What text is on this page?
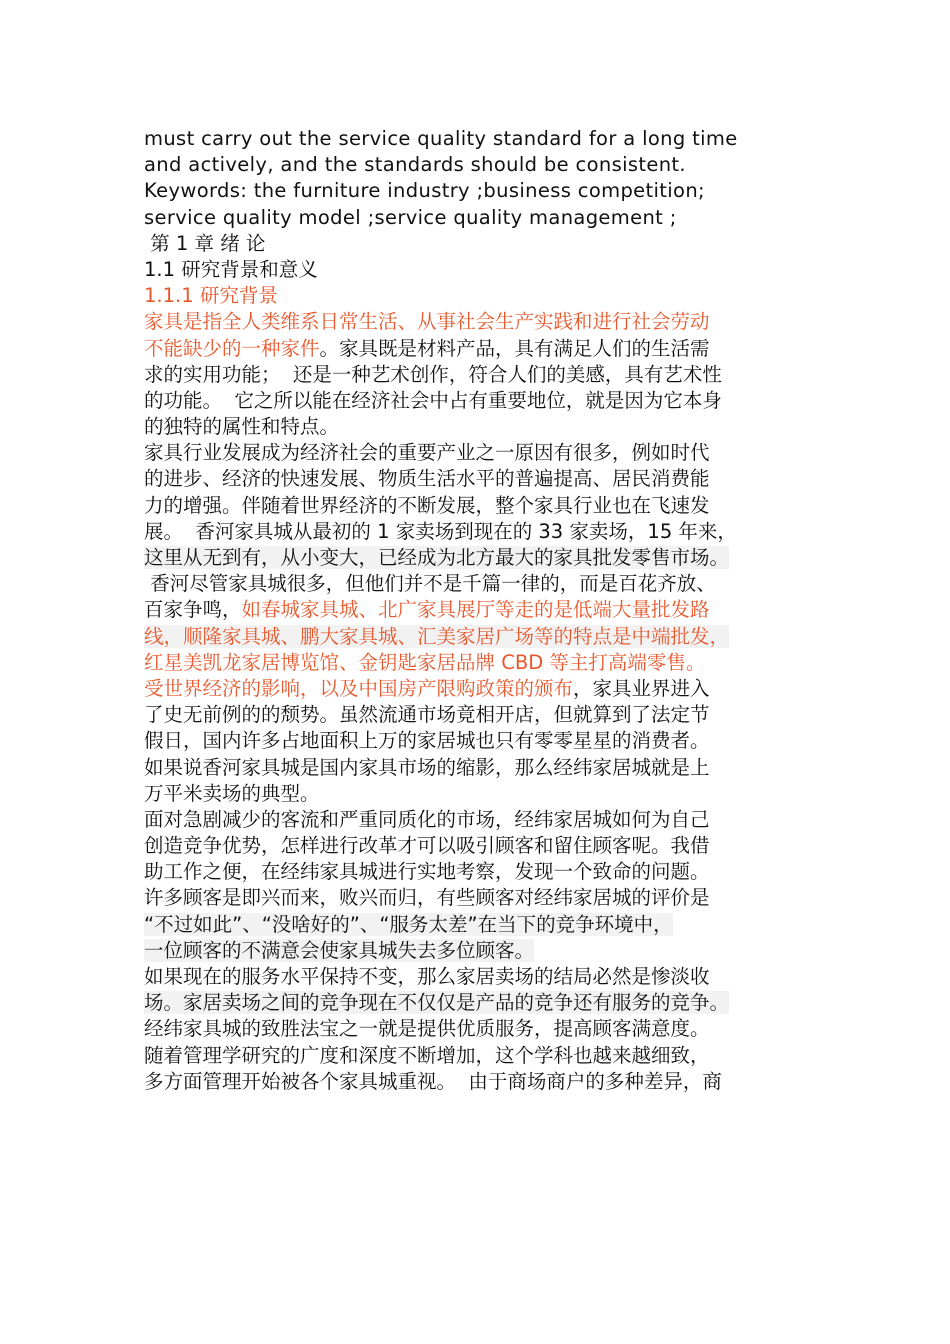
must carry out the service quality standard for a long time
and actively, and the standards should be consistent.
Keywords: the furniture industry ;business competition;
service quality model ;service quality management ;
第 1 章 绪 论
1.1 研究背景和意义
1.1.1 研究背景
家具是指全人类维系日常生活、从事社会生产实践和进行社会劳动
不能缺少的一种家件。家具既是材料产品，具有满足人们的生活需
求的实用功能；  还是一种艺术创作，符合人们的美感，具有艺术性
的功能。  它之所以能在经济社会中占有重要地位，就是因为它本身
的独特的属性和特点。
家具行业发展成为经济社会的重要产业之一原因有很多，例如时代
的进步、经济的快速发展、物质生活水平的普遍提高、居民消费能
力的增强。伴随着世界经济的不断发展，整个家具行业也在飞速发
展。  香河家具城从最初的 1 家卖场到现在的 33 家卖场，15 年来，
这里从无到有，从小变大，已经成为北方最大的家具批发零售市场。
香河尽管家具城很多，但他们并不是千篇一律的，而是百花齐放、
百家争鸣，如春城家具城、北广家具展厅等走的是低端大量批发路
线，顺隆家具城、鹏大家具城、汇美家居广场等的特点是中端批发，
红星美凯龙家居博览馆、金钥匙家居品牌 CBD 等主打高端零售。
受世界经济的影响，以及中国房产限购政策的颁布，家具业界进入
了史无前例的的颓势。虽然流通市场竟相开店，但就算到了法定节
假日，国内许多占地面积上万的家居城也只有零零星星的消费者。
如果说香河家具城是国内家具市场的缩影，那么经纬家居城就是上
万平米卖场的典型。
面对急剧减少的客流和严重同质化的市场，经纬家居城如何为自己
创造竞争优势，怎样进行改革才可以吸引顾客和留住顾客呢。我借
助工作之便，在经纬家具城进行实地考察，发现一个致命的问题。
许多顾客是即兴而来，败兴而归，有些顾客对经纬家居城的评价是
“不过如此”、“没啥好的”、“服务太差”在当下的竞争环境中，
一位顾客的不满意会使家具城失去多位顾客。
如果现在的服务水平保持不变，那么家居卖场的结局必然是惨淡收
场。家居卖场之间的竞争现在不仅仅是产品的竞争还有服务的竞争。
经纬家具城的致胜法宝之一就是提供优质服务，提高顾客满意度。
随着管理学研究的广度和深度不断增加，这个学科也越来越细致，
多方面管理开始被各个家具城重视。  由于商场商户的多种差异，商
